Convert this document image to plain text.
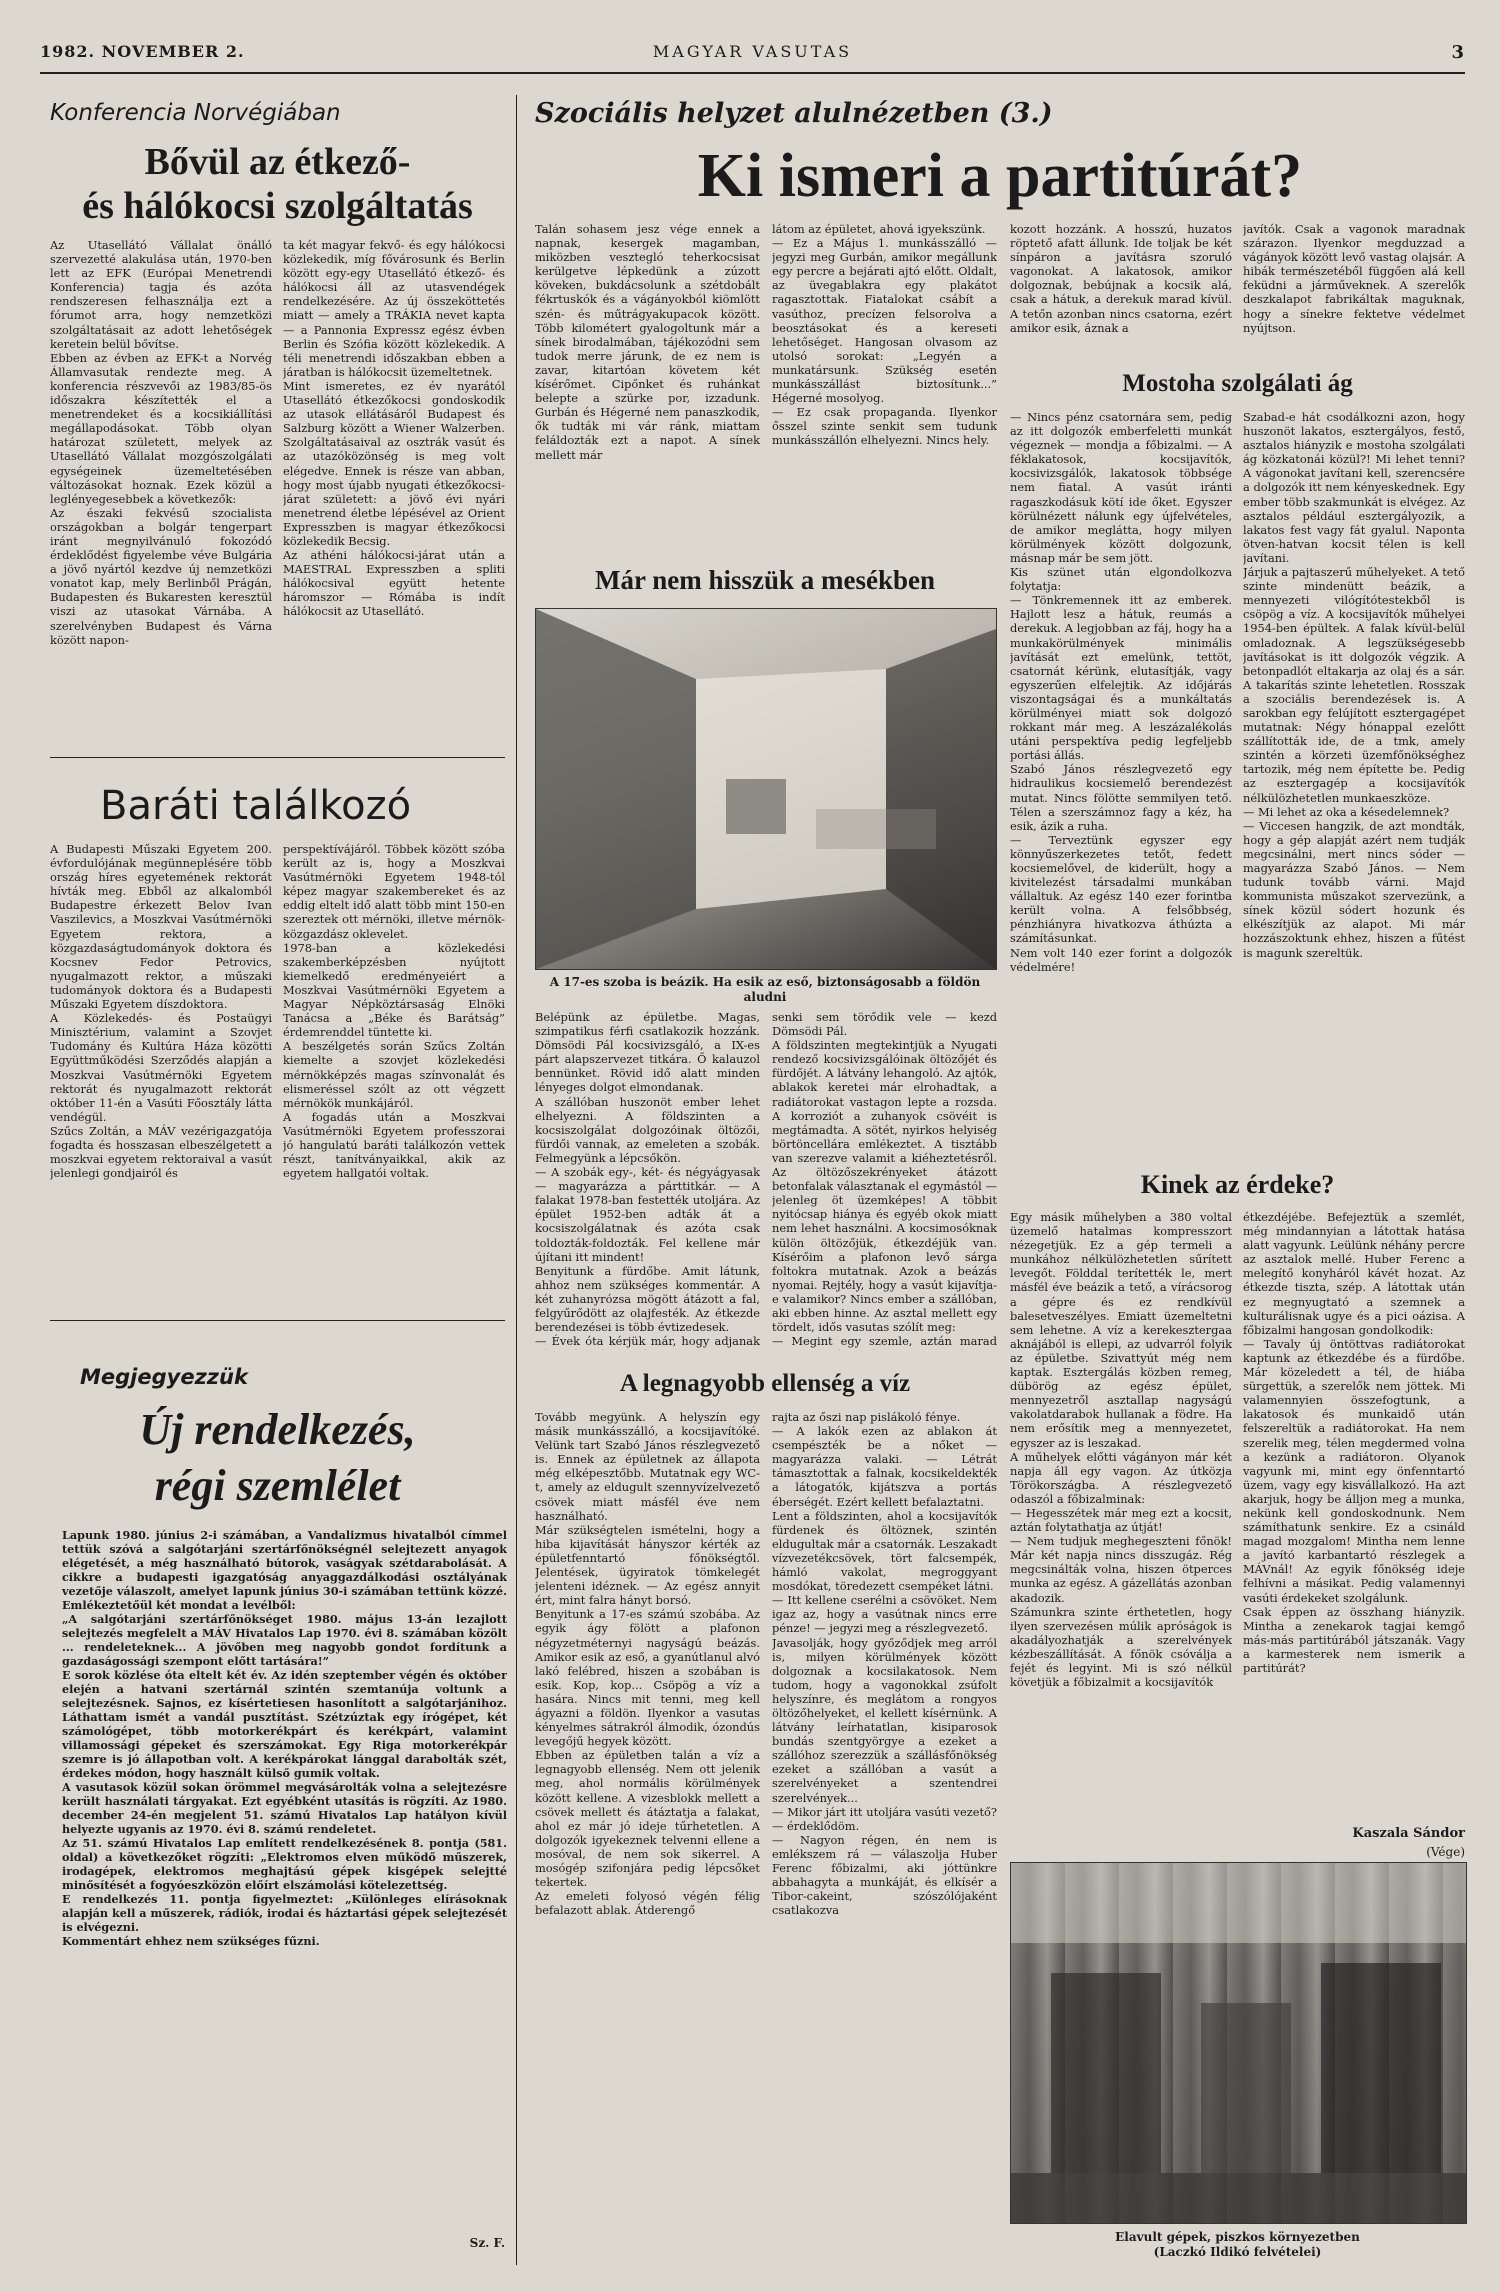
1982. NOVEMBER 2.	MAGYAR VASUTAS	3
Konferencia Norvégiában
Bővül az étkező-
és hálókocsi szolgáltatás
Az Utasellátó Vállalat önálló szervezetté alakulása után, 1970-ben lett az EFK (Európai Menetrendi Konferencia) tagja és azóta rendszeresen felhasználja ezt a fórumot arra, hogy nemzetközi szolgáltatásait az adott lehetőségek keretein belül bővítse.
Ebben az évben az EFK-t a Norvég Államvasutak rendezte meg. A konferencia részvevői az 1983/85-ös időszakra készítették el a menetrendeket és a kocsikiállítási megállapodásokat. Több olyan határozat született, melyek az Utasellátó Vállalat mozgószolgálati egységeinek üzemeltetésében változásokat hoznak. Ezek közül a leglényegesebbek a következők:
Az északi fekvésű szocialista országokban a bolgár tengerpart iránt megnyilvánuló fokozódó érdeklődést figyelembe véve Bulgária a jövő nyártól kezdve új nemzetközi vonatot kap, mely Berlinből Prágán, Budapesten és Bukaresten keresztül viszi az utasokat Várnába. A szerelvényben Budapest és Várna között napon-
ta két magyar fekvő- és egy hálókocsi közlekedik, míg fővárosunk és Berlin között egy-egy Utasellátó étkező- és hálókocsi áll az utasvendégek rendelkezésére. Az új összeköttetés miatt — amely a TRÁKIA nevet kapta — a Pannonia Expressz egész évben Berlin és Szófia között közlekedik. A téli menetrendi időszakban ebben a járatban is hálókocsit üzemeltetnek.
Mint ismeretes, ez év nyarától Utasellátó étkezőkocsi gondoskodik az utasok ellátásáról Budapest és Salzburg között a Wiener Walzerben. Szolgáltatásaival az osztrák vasút és az utazóközönség is meg volt elégedve. Ennek is része van abban, hogy most újabb nyugati étkezőkocsi-járat született: a jövő évi nyári menetrend életbe lépésével az Orient Expresszben is magyar étkezőkocsi közlekedik Becsig.
Az athéni hálókocsi-járat után a MAESTRAL Expresszben a spliti hálókocsival együtt hetente háromszor — Rómába is indít hálókocsit az Utasellátó.
Baráti találkozó
A Budapesti Műszaki Egyetem 200. évfordulójának megünneplésére több ország híres egyetemének rektorát hívták meg. Ebből az alkalomból Budapestre érkezett Belov Ivan Vaszilevics, a Moszkvai Vasútmérnöki Egyetem rektora, a közgazdaságtudományok doktora és Kocsnev Fedor Petrovics, nyugalmazott rektor, a műszaki tudományok doktora és a Budapesti Műszaki Egyetem díszdoktora.
A Közlekedés- és Postaügyi Minisztérium, valamint a Szovjet Tudomány és Kultúra Háza közötti Együttműködési Szerződés alapján a Moszkvai Vasútmérnöki Egyetem rektorát és nyugalmazott rektorát október 11-én a Vasúti Főosztály látta vendégül.
Szűcs Zoltán, a MÁV vezérigazgatója fogadta és hosszasan elbeszélgetett a moszkvai egyetem rektoraival a vasút jelenlegi gondjairól és
perspektívájáról. Többek között szóba került az is, hogy a Moszkvai Vasútmérnöki Egyetem 1948-tól képez magyar szakembereket és az eddig eltelt idő alatt több mint 150-en szereztek ott mérnöki, illetve mérnök-közgazdász oklevelet.
1978-ban a közlekedési szakemberképzésben nyújtott kiemelkedő eredményeiért a Moszkvai Vasútmérnöki Egyetem a Magyar Népköztársaság Elnöki Tanácsa a „Béke és Barátság” érdemrenddel tüntette ki.
A beszélgetés során Szűcs Zoltán kiemelte a szovjet közlekedési mérnökképzés magas színvonalát és elismeréssel szólt az ott végzett mérnökök munkájáról.
A fogadás után a Moszkvai Vasútmérnöki Egyetem professzorai jó hangulatú baráti találkozón vettek részt, tanítványaikkal, akik az egyetem hallgatói voltak.
Megjegyezzük
Új rendelkezés,
régi szemlélet
Lapunk 1980. június 2-i számában, a Vandalizmus hivatalból címmel tettük szóvá a salgótarjáni szertárfőnökségnél selejtezett anyagok elégetését, a még használható bútorok, vaságyak szétdarabolását. A cikkre a budapesti igazgatóság anyaggazdálkodási osztályának vezetője válaszolt, amelyet lapunk június 30-i számában tettünk közzé. Emlékeztetőül két mondat a levélből:
„A salgótarjáni szertárfőnökséget 1980. május 13-án lezajlott selejtezés megfelelt a MÁV Hivatalos Lap 1970. évi 8. számában közölt ... rendeleteknek... A jövőben meg nagyobb gondot fordítunk a gazdaságossági szempont előtt tartására!”
E sorok közlése óta eltelt két év. Az idén szeptember végén és október elején a hatvani szertárnál szintén szemtanúja voltunk a selejtezésnek. Sajnos, ez kísértetiesen hasonlított a salgótarjánihoz. Láthattam ismét a vandál pusztítást. Szétzúztak egy írógépet, két számológépet, több motorkerékpárt és kerékpárt, valamint villamossági gépeket és szerszámokat. Egy Riga motorkerékpár szemre is jó állapotban volt. A kerékpárokat lánggal darabolták szét, érdekes módon, hogy használt külső gumik voltak.
A vasutasok közül sokan örömmel megvásárolták volna a selejtezésre került használati tárgyakat. Ezt egyébként utasítás is rögzíti. Az 1980. december 24-én megjelent 51. számú Hivatalos Lap hatályon kívül helyezte ugyanis az 1970. évi 8. számú rendeletet.
Az 51. számú Hivatalos Lap említett rendelkezésének 8. pontja (581. oldal) a következőket rögzíti: „Elektromos elven működő műszerek, irodagépek, elektromos meghajtású gépek kisgépek selejtté minősítését a fogyóeszközön előírt elszámolási kötelezettség.
E rendelkezés 11. pontja figyelmeztet: „Különleges elírásoknak alapján kell a műszerek, rádiók, irodai és háztartási gépek selejtezését is elvégezni.
Kommentárt ehhez nem szükséges fűzni.
Sz. F.
Szociális helyzet alulnézetben (3.)
Ki ismeri a partitúrát?
Talán sohasem jesz vége ennek a napnak, kesergek magamban, miközben vesztegló teherkocsisat kerülgetve lépkedünk a zúzott köveken, bukdácsolunk a szétdobált fékrtuskók és a vágányokból kiömlött szén- és műtrágyakupacok között. Több kilométert gyalogoltunk már a sínek birodalmában, tájékozódni sem tudok merre járunk, de ez nem is zavar, kitartóan követem két kísérőmet. Cipőnket és ruhánkat belepte a szürke por, izzadunk. Gurbán és Hégerné nem panaszkodik, ők tudták mi vár ránk, miattam feláldozták ezt a napot. A sínek mellett már
látom az épületet, ahová igyekszünk.
— Ez a Május 1. munkásszálló — jegyzi meg Gurbán, amikor megállunk egy percre a bejárati ajtó előtt. Oldalt, az üvegablakra egy plakátot ragasztottak. Fiatalokat csábít a vasúthoz, precízen felsorolva a beosztásokat és a kereseti lehetőséget. Hangosan olvasom az utolsó sorokat: „Legyén a munkatársunk. Szükség esetén munkásszállást biztosítunk...” Hégerné mosolyog.
— Ez csak propaganda. Ilyenkor ősszel szinte senkit sem tudunk munkásszállón elhelyezni. Nincs hely.
kozott hozzánk. A hosszú, huzatos röptető afatt állunk. Ide toljak be két sínpáron a javításra szoruló vagonokat. A lakatosok, amikor dolgoznak, bebújnak a kocsik alá, csak a hátuk, a derekuk marad kívül. A tetőn azonban nincs csatorna, ezért amikor esik, áznak a
javítók. Csak a vagonok maradnak szárazon. Ilyenkor megduzzad a vágányok között levő vastag olajsár. A hibák természetéből függően alá kell feküdni a járműveknek. A szerelők deszkalapot fabrikáltak maguknak, hogy a sínekre fektetve védelmet nyújtson.
Már nem hisszük a mesékben
A 17-es szoba is beázik. Ha esik az eső, biztonságosabb a földön aludni
Belépünk az épületbe. Magas, szimpatikus férfi csatlakozik hozzánk. Dömsödi Pál kocsivizsgáló, a IX-es párt alapszervezet titkára. Ő kalauzol bennünket. Rövid idő alatt minden lényeges dolgot elmondanak.
A szállóban huszonöt ember lehet elhelyezni. A földszinten a kocsiszolgálat dolgozóinak öltözői, fürdői vannak, az emeleten a szobák. Felmegyünk a lépcsőkön.
— A szobák egy-, két- és négyágyasak — magyarázza a párttitkár. — A falakat 1978-ban festették utoljára. Az épület 1952-ben adták át a kocsiszolgálatnak és azóta csak toldozták-foldozták. Fel kellene már újítani itt mindent!
Benyitunk a fürdőbe. Amit látunk, ahhoz nem szükséges kommentár. A két zuhanyrózsa mögött átázott a fal, felgyűrődött az olajfesték. Az étkezde berendezései is több évtizedesek.
— Évek óta kérjük már, hogy adjanak
senki sem törődik vele — kezd Dömsödi Pál.
A földszinten megtekintjük a Nyugati rendező kocsivizsgálóinak öltözőjét és fürdőjét. A látvány lehangoló. Az ajtók, ablakok keretei már elrohadtak, a radiátorokat vastagon lepte a rozsda. A korroziót a zuhanyok csövéit is megtámadta. A sötét, nyirkos helyiség börtöncellára emlékeztet. A tisztább van szerezve valamit a kiéheztetésről. Az öltözőszekrényeket átázott betonfalak választanak el egymástól — jelenleg öt üzemképes! A többit nyitócsap hiánya és egyéb okok miatt nem lehet használni. A kocsimosóknak külön öltözőjük, étkezdéjük van. Kísérőim a plafonon levő sárga foltokra mutatnak. Azok a beázás nyomai. Rejtély, hogy a vasút kijavítja-e valamikor? Nincs ember a szállóban, aki ebben hinne. Az asztal mellett egy tördelt, idős vasutas szólít meg:
— Megint egy szemle, aztán marad
A legnagyobb ellenség a víz
Tovább megyünk. A helyszín egy másik munkásszálló, a kocsijavítóké. Velünk tart Szabó János részlegvezető is. Ennek az épületnek az állapota még elképesztőbb. Mutatnak egy WC-t, amely az eldugult szennyvízelvezető csövek miatt másfél éve nem használható.
Már szükségtelen ismételni, hogy a hiba kijavítását hányszor kérték az épületfenntartó főnökségtől. Jelentések, ügyiratok tömkelegét jelenteni idéznek. — Az egész annyit ért, mint falra hányt borsó.
Benyitunk a 17-es számú szobába. Az egyik ágy fölött a plafonon négyzetméternyi nagyságú beázás. Amikor esik az eső, a gyanútlanul alvó lakó felébred, hiszen a szobában is esik. Kop, kop... Csöpög a víz a hasára. Nincs mit tenni, meg kell ágyazni a földön. Ilyenkor a vasutas kényelmes sátrakról álmodik, ózondús levegőjű hegyek között.
Ebben az épületben talán a víz a legnagyobb ellenség. Nem ott jelenik meg, ahol normális körülmények között kellene. A vizesblokk mellett a csövek mellett és átáztatja a falakat, ahol ez már jó ideje tűrhetetlen. A dolgozók igyekeznek telvenni ellene a mosóval, de nem sok sikerrel. A mosógép szifonjára pedig lépcsőket tekertek.
Az emeleti folyosó végén félig befalazott ablak. Átderengő
rajta az őszi nap pislákoló fénye.
— A lakók ezen az ablakon át csempészték be a nőket — magyarázza valaki. — Létrát támasztottak a falnak, kocsikeldekték a látogatók, kijátszva a portás éberségét. Ezért kellett befalaztatni.
Lent a földszinten, ahol a kocsijavítók fürdenek és öltöznek, szintén eldugultak már a csatornák. Leszakadt vízvezetékcsövek, tört falcsempék, hámló vakolat, megroggyant mosdókat, töredezett csempéket látni.
— Itt kellene cserélni a csövöket. Nem igaz az, hogy a vasútnak nincs erre pénze! — jegyzi meg a részlegvezető.
Javasolják, hogy győződjek meg arról is, milyen körülmények között dolgoznak a kocsilakatosok. Nem tudom, hogy a vagonokkal zsúfolt helyszínre, és meglátom a rongyos öltözőhelyeket, el kellett kísérnünk. A látvány leírhatatlan, kisiparosok bundás szentgyörgye a ezeket a szállóhoz szerezzük a szállásfőnökség ezeket a szállóban a vasút a szerelvényeket a szentendrei szerelvények...
— Mikor járt itt utoljára vasúti vezető? — érdeklődöm.
— Nagyon régen, én nem is emlékszem rá — válaszolja Huber Ferenc főbizalmi, aki jóttünkre abbahagyta a munkáját, és elkísér a Tibor-cakeint, szószólójaként csatlakozva
Mostoha szolgálati ág
— Nincs pénz csatornára sem, pedig az itt dolgozók emberfeletti munkát végeznek — mondja a főbizalmi. — A féklakatosok, kocsijavítók, kocsivizsgálók, lakatosok többsége nem fiatal. A vasút iránti ragaszkodásuk kötí ide őket. Egyszer körülnézett nálunk egy újfelvételes, de amikor meglátta, hogy milyen körülmények között dolgozunk, másnap már be sem jött.
Kis szünet után elgondolkozva folytatja:
— Tönkremennek itt az emberek. Hajlott lesz a hátuk, reumás a derekuk. A legjobban az fáj, hogy ha a munkakörülmények minimális javítását ezt emelünk, tettöt, csatornát kérünk, elutasítják, vagy egyszerűen elfelejtik. Az időjárás viszontagságai és a munkáltatás körülményei miatt sok dolgozó rokkant már meg. A leszázalékolás utáni perspektíva pedig legfeljebb portási állás.
Szabó János részlegvezető egy hidraulikus kocsiemelő berendezést mutat. Nincs fölötte semmilyen tető. Télen a szerszámnoz fagy a kéz, ha esik, ázik a ruha.
— Terveztünk egyszer egy könnyűszerkezetes tetőt, fedett kocsiemelővel, de kiderült, hogy a kivitelezést társadalmi munkában vállaltuk. Az egész 140 ezer forintba került volna. A felsőbbség, pénzhiányra hivatkozva áthúzta a számításunkat.
Nem volt 140 ezer forint a dolgozók védelmére!
Szabad-e hát csodálkozni azon, hogy huszonöt lakatos, esztergályos, festő, asztalos hiányzik e mostoha szolgálati ág közkatonái közül?! Mi lehet tenni? A vágonokat javítani kell, szerencsére a dolgozók itt nem kényeskednek. Egy ember több szakmunkát is elvégez. Az asztalos például esztergályozik, a lakatos fest vagy fát gyalul. Naponta ötven-hatvan kocsit télen is kell javítani.
Járjuk a pajtaszerű műhelyeket. A tető szinte mindenütt beázik, a mennyezeti vilógítótestekből is csöpög a víz. A kocsijavítók műhelyei 1954-ben épültek. A falak kívül-belül omladoznak. A legszükségesebb javításokat is itt dolgozók végzik. A betonpadlót eltakarja az olaj és a sár. A takarítás szinte lehetetlen. Rosszak a szociális berendezések is. A sarokban egy felújított esztergagépet mutatnak: Négy hónappal ezelőtt szállították ide, de a tmk, amely szintén a körzeti üzemfőnökséghez tartozik, még nem építette be. Pedig az esztergagép a kocsijavítók nélkülözhetetlen munkaeszköze.
— Mi lehet az oka a késedelemnek?
— Viccesen hangzik, de azt mondták, hogy a gép alapját azért nem tudják megcsinálni, mert nincs sóder — magyarázza Szabó János. — Nem tudunk tovább várni. Majd kommunista műszakot szervezünk, a sínek közül sódert hozunk és elkészítjük az alapot. Mi már hozzászoktunk ehhez, hiszen a fűtést is magunk szereltük.
Kinek az érdeke?
Egy másik műhelyben a 380 voltal üzemelő hatalmas kompresszort nézegetjük. Ez a gép termeli a munkához nélkülözhetetlen sűrített levegőt. Földdal terítették le, mert másfél éve beázik a tető, a vírácsorog a gépre és ez rendkívül balesetveszélyes. Emiatt üzemeltetni sem lehetne. A víz a kerekesztergaa aknájából is ellepi, az udvarról folyik az épületbe. Szivattyút még nem kaptak. Esztergálás közben remeg, dübörög az egész épület, mennyezetről asztallap nagyságú vakolatdarabok hullanak a födre. Ha nem erősítik meg a mennyezetet, egyszer az is leszakad.
A műhelyek előtti vágányon már két napja áll egy vagon. Az útközja Törökországba. A részlegvezető odaszól a főbizalminak:
— Hegesszétek már meg ezt a kocsit, aztán folytathatja az útját!
— Nem tudjuk meghegeszteni főnök! Már két napja nincs disszugáz. Rég megcsinálták volna, hiszen ötperces munka az egész. A gázellátás azonban akadozik.
Számunkra szinte érthetetlen, hogy ilyen szervezésen múlik apróságok is akadályozhatják a szerelvények kézbeszállítását. A főnök csóválja a fejét és legyint. Mi is szó nélkül követjük a főbizalmit a kocsijavítók
étkezdéjébe. Befejeztük a szemlét, még mindannyian a látottak hatása alatt vagyunk. Leülünk néhány percre az asztalok mellé. Huber Ferenc a melegítő konyháról kávét hozat. Az étkezde tiszta, szép. A látottak után ez megnyugtató a szemnek a kulturálisnak ugye és a pici oázisa. A főbizalmi hangosan gondolkodik:
— Tavaly új öntöttvas radiátorokat kaptunk az étkezdébe és a fürdőbe. Már közeledett a tél, de hiába sürgettük, a szerelők nem jöttek. Mi valamennyien összefogtunk, a lakatosok és munkaidő után felszereltük a radiátorokat. Ha nem szerelik meg, télen megdermed volna a kezünk a radiátoron. Olyanok vagyunk mi, mint egy önfenntartó üzem, vagy egy kisvállalkozó. Ha azt akarjuk, hogy be álljon meg a munka, nekünk kell gondoskodnunk. Nem számíthatunk senkire. Ez a csináld magad mozgalom! Mintha nem lenne a javító karbantartó részlegek a MÁVnál! Az egyik főnökség ideje felhívni a másikat. Pedig valamennyi vasúti érdekeket szolgálunk.
Csak éppen az összhang hiányzik. Mintha a zenekarok tagjai kemgő más-más partitúrából játszanák. Vagy a karmesterek nem ismerik a partitúrát?
Kaszala Sándor
(Vége)
Elavult gépek, piszkos környezetben
(Laczkó Ildikó felvételei)
